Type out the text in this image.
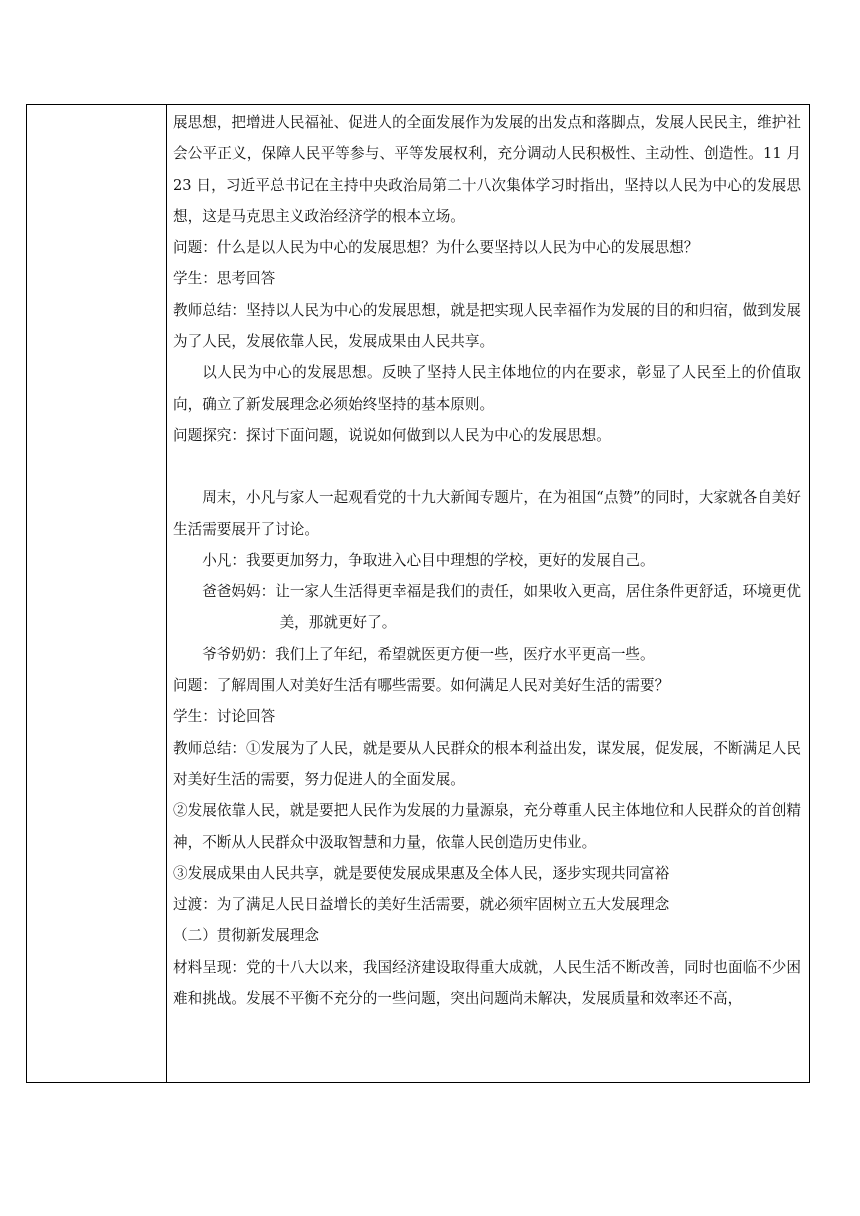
展思想，把增进人民福祉、促进人的全面发展作为发展的出发点和落脚点，发展人民民主，维护社会公平正义，保障人民平等参与、平等发展权利，充分调动人民积极性、主动性、创造性。11 月 23 日，习近平总书记在主持中央政治局第二十八次集体学习时指出，坚持以人民为中心的发展思想，这是马克思主义政治经济学的根本立场。

问题：什么是以人民为中心的发展思想？为什么要坚持以人民为中心的发展思想？

学生：思考回答

教师总结：坚持以人民为中心的发展思想，就是把实现人民幸福作为发展的目的和归宿，做到发展为了人民，发展依靠人民，发展成果由人民共享。

以人民为中心的发展思想。反映了坚持人民主体地位的内在要求，彰显了人民至上的价值取向，确立了新发展理念必须始终坚持的基本原则。

问题探究：探讨下面问题，说说如何做到以人民为中心的发展思想。

周末，小凡与家人一起观看党的十九大新闻专题片，在为祖国“点赞”的同时，大家就各自美好生活需要展开了讨论。

小凡：我要更加努力，争取进入心目中理想的学校，更好的发展自己。

爸爸妈妈：让一家人生活得更幸福是我们的责任，如果收入更高，居住条件更舒适，环境更优美，那就更好了。

爷爷奶奶：我们上了年纪，希望就医更方便一些，医疗水平更高一些。

问题：了解周围人对美好生活有哪些需要。如何满足人民对美好生活的需要？

学生：讨论回答

教师总结：①发展为了人民，就是要从人民群众的根本利益出发，谋发展，促发展，不断满足人民对美好生活的需要，努力促进人的全面发展。

②发展依靠人民，就是要把人民作为发展的力量源泉，充分尊重人民主体地位和人民群众的首创精神，不断从人民群众中汲取智慧和力量，依靠人民创造历史伟业。

③发展成果由人民共享，就是要使发展成果惠及全体人民，逐步实现共同富裕

过渡：为了满足人民日益增长的美好生活需要，就必须牢固树立五大发展理念

（二）贯彻新发展理念

材料呈现：党的十八大以来，我国经济建设取得重大成就，人民生活不断改善，同时也面临不少困难和挑战。发展不平衡不充分的一些问题，突出问题尚未解决，发展质量和效率还不高，
